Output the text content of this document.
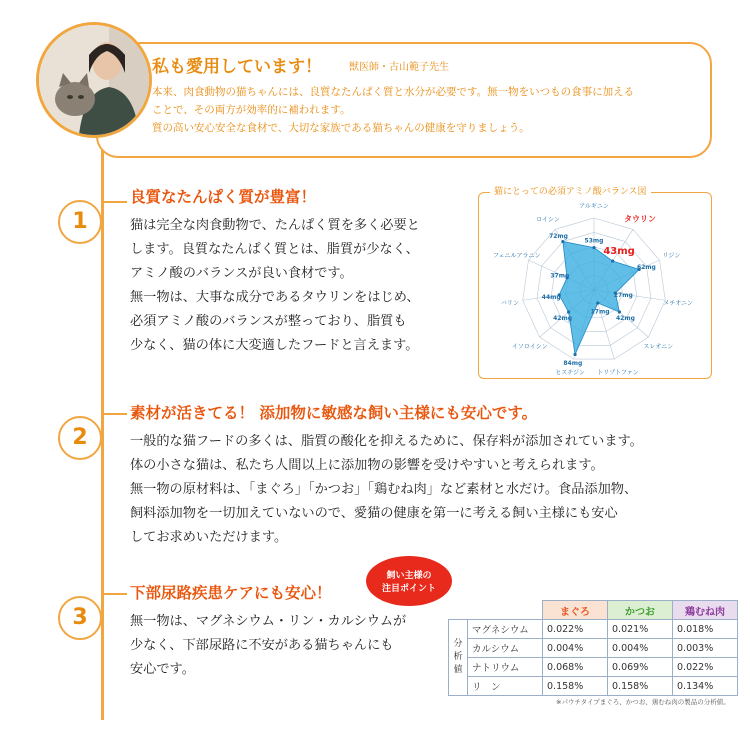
私も愛用しています！	獣医師・古山範子先生
本来、肉食動物の猫ちゃんには、良質なたんぱく質と水分が必要です。無一物をいつもの食事に加える
ことで、その両方が効率的に補われます。
質の高い安心安全な食材で、大切な家族である猫ちゃんの健康を守りましょう。
1
良質なたんぱく質が豊富！
猫は完全な肉食動物で、たんぱく質を多く必要と
します。良質なたんぱく質とは、脂質が少なく、
アミノ酸のバランスが良い食材です。
無一物は、大事な成分であるタウリンをはじめ、
必須アミノ酸のバランスが整っており、脂質も
少なく、猫の体に大変適したフードと言えます。
猫にとっての必須アミノ酸バランス図
アルギニン
タウリン
リジン
メチオニン
スレオニン
トリプトファン
ヒスチジン
イソロイシン
バリン
フェニルアラニン
ロイシン
53mg
43mg
62mg
27mg
42mg
17mg
84mg
42mg
44mg
37mg
72mg
2
素材が活きてる！ 添加物に敏感な飼い主様にも安心です。
一般的な猫フードの多くは、脂質の酸化を抑えるために、保存料が添加されています。
体の小さな猫は、私たち人間以上に添加物の影響を受けやすいと考えられます。
無一物の原材料は、「まぐろ」「かつお」「鶏むね肉」など素材と水だけ。食品添加物、
飼料添加物を一切加えていないので、愛猫の健康を第一に考える飼い主様にも安心
してお求めいただけます。
飼い主様の
注目ポイント
3
下部尿路疾患ケアにも安心！
無一物は、マグネシウム・リン・カルシウムが
少なく、下部尿路に不安がある猫ちゃんにも
安心です。
		まぐろ	かつお	鶏むね肉
分析値	マグネシウム	0.022%	0.021%	0.018%
	カルシウム	0.004%	0.004%	0.003%
	ナトリウム	0.068%	0.069%	0.022%
	リ　ン	0.158%	0.158%	0.134%
※パウチタイプまぐろ、かつお、鶏むね肉の製品の分析値。
